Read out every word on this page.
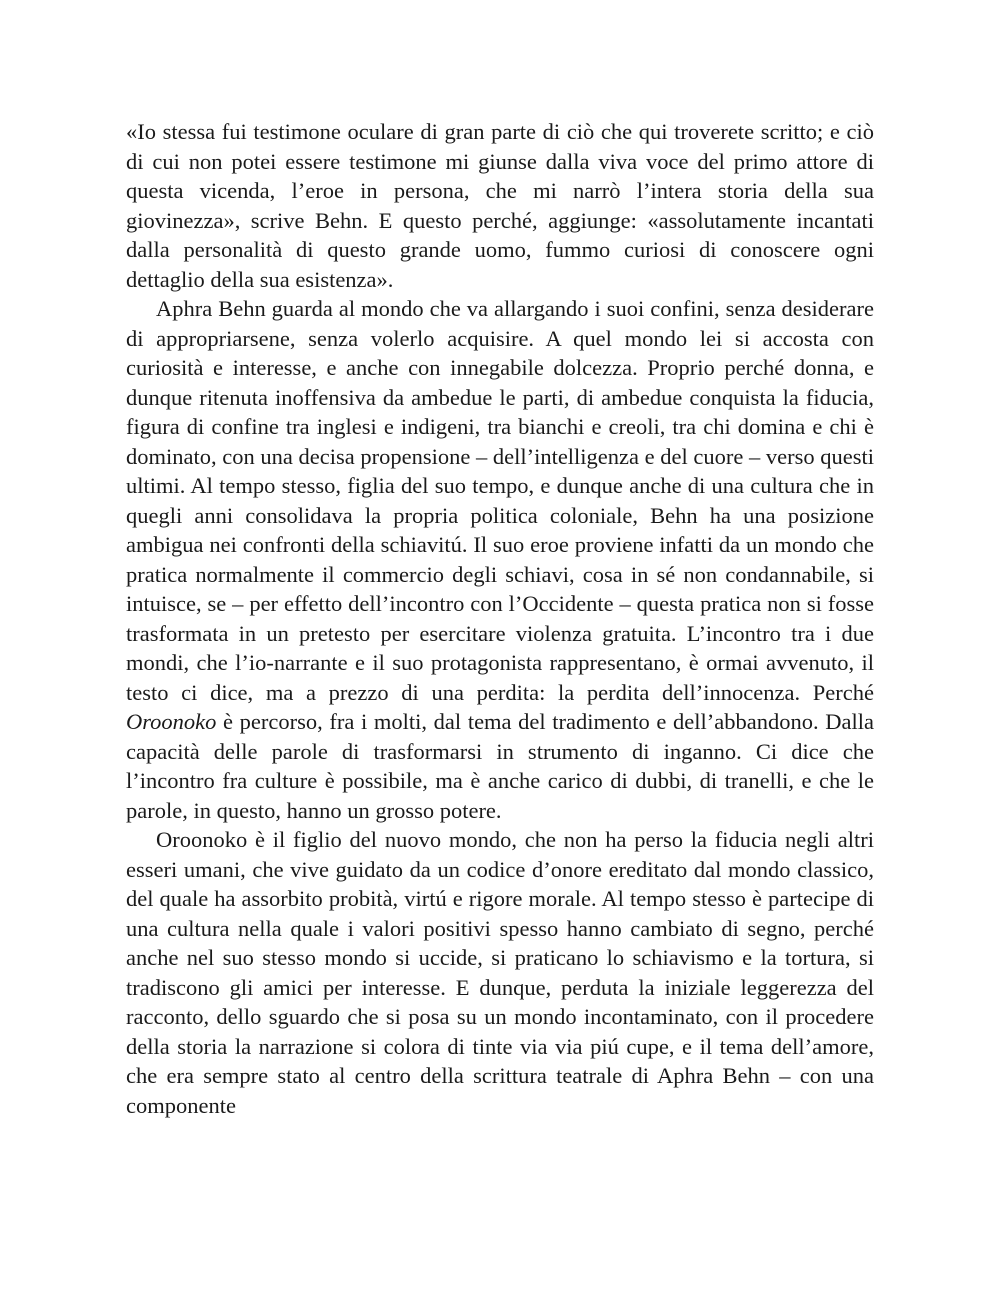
«Io stessa fui testimone oculare di gran parte di ciò che qui troverete scritto; e ciò di cui non potei essere testimone mi giunse dalla viva voce del primo attore di questa vicenda, l’eroe in persona, che mi narrò l’intera storia della sua giovinezza», scrive Behn. E questo perché, aggiunge: «assolutamente incantati dalla personalità di questo grande uomo, fummo curiosi di conoscere ogni dettaglio della sua esistenza».

Aphra Behn guarda al mondo che va allargando i suoi confini, senza desiderare di appropriarsene, senza volerlo acquisire. A quel mondo lei si accosta con curiosità e interesse, e anche con innegabile dolcezza. Proprio perché donna, e dunque ritenuta inoffensiva da ambedue le parti, di ambedue conquista la fiducia, figura di confine tra inglesi e indigeni, tra bianchi e creoli, tra chi domina e chi è dominato, con una decisa propensione – dell’intelligenza e del cuore – verso questi ultimi. Al tempo stesso, figlia del suo tempo, e dunque anche di una cultura che in quegli anni consolidava la propria politica coloniale, Behn ha una posizione ambigua nei confronti della schiavitú. Il suo eroe proviene infatti da un mondo che pratica normalmente il commercio degli schiavi, cosa in sé non condannabile, si intuisce, se – per effetto dell’incontro con l’Occidente – questa pratica non si fosse trasformata in un pretesto per esercitare violenza gratuita. L’incontro tra i due mondi, che l’io-narrante e il suo protagonista rappresentano, è ormai avvenuto, il testo ci dice, ma a prezzo di una perdita: la perdita dell’innocenza. Perché Oroonoko è percorso, fra i molti, dal tema del tradimento e dell’abbandono. Dalla capacità delle parole di trasformarsi in strumento di inganno. Ci dice che l’incontro fra culture è possibile, ma è anche carico di dubbi, di tranelli, e che le parole, in questo, hanno un grosso potere.

Oroonoko è il figlio del nuovo mondo, che non ha perso la fiducia negli altri esseri umani, che vive guidato da un codice d’onore ereditato dal mondo classico, del quale ha assorbito probità, virtú e rigore morale. Al tempo stesso è partecipe di una cultura nella quale i valori positivi spesso hanno cambiato di segno, perché anche nel suo stesso mondo si uccide, si praticano lo schiavismo e la tortura, si tradiscono gli amici per interesse. E dunque, perduta la iniziale leggerezza del racconto, dello sguardo che si posa su un mondo incontaminato, con il procedere della storia la narrazione si colora di tinte via via piú cupe, e il tema dell’amore, che era sempre stato al centro della scrittura teatrale di Aphra Behn – con una componente
